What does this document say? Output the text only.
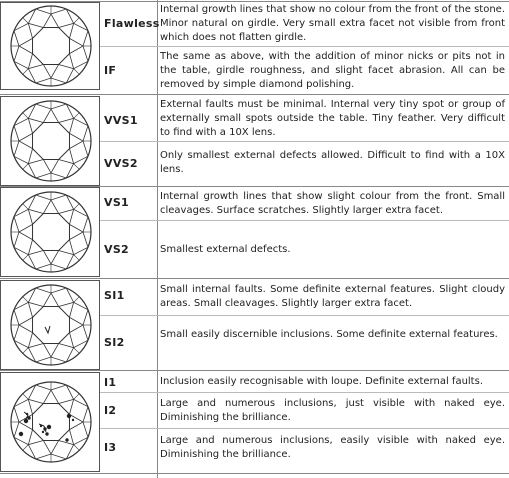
Flawless
IF
VVS1
VVS2
VS1
VS2
SI1
SI2
I1
I2
I3
Internal growth lines that show no colour from the front of the stone. Minor natural on girdle. Very small extra facet not visible from front which does not flatten girdle.
The same as above, with the addition of minor nicks or pits not in the table, girdle roughness, and slight facet abrasion. All can be removed by simple diamond polishing.
External faults must be minimal. Internal very tiny spot or group of externally small spots outside the table. Tiny feather. Very difficult to find with a 10X lens.
Only smallest external defects allowed. Difficult to find with a 10X lens.
Internal growth lines that show slight colour from the front. Small cleavages. Surface scratches. Slightly larger extra facet.
Smallest external defects.
Small internal faults. Some definite external features. Slight cloudy areas. Small cleavages. Slightly larger extra facet.
Small easily discernible inclusions. Some definite external features.
Inclusion easily recognisable with loupe. Definite external faults.
Large and numerous inclusions, just visible with naked eye. Diminishing the brilliance.
Large and numerous inclusions, easily visible with naked eye. Diminishing the brilliance.
